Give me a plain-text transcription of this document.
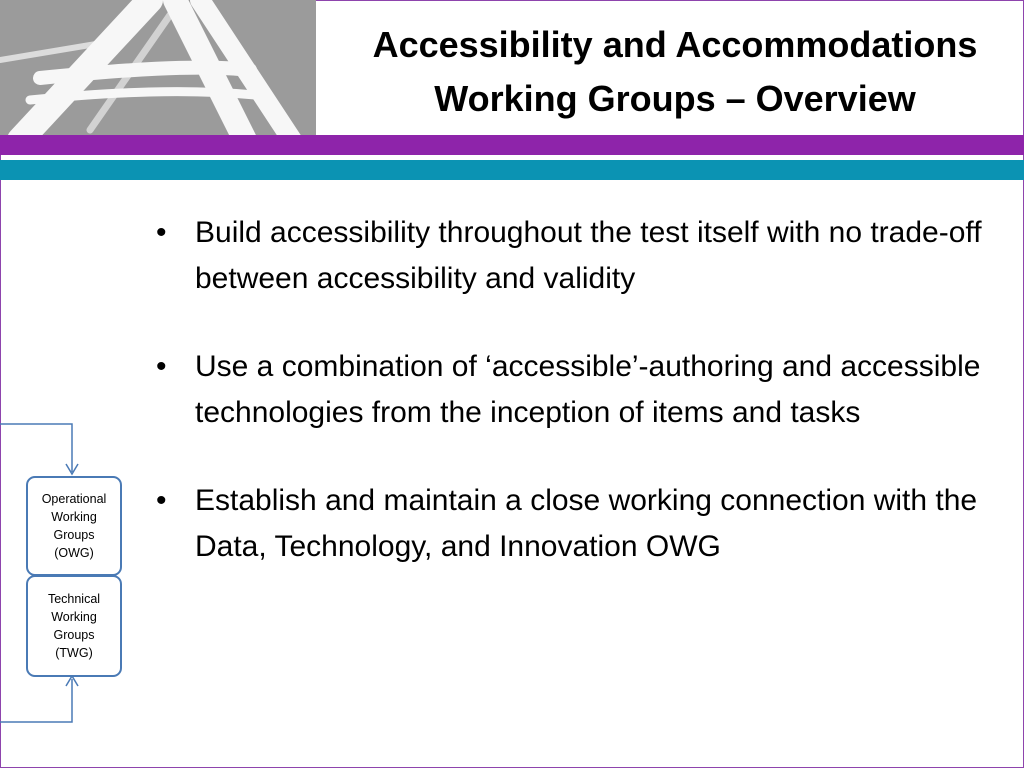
Accessibility and Accommodations
Working Groups – Overview
• Build accessibility throughout the test itself with no trade-off between accessibility and validity
• Use a combination of ‘accessible’-authoring and accessible technologies from the inception of items and tasks
• Establish and maintain a close working connection with the Data, Technology, and Innovation OWG
Operational
Working
Groups
(OWG)
Technical
Working
Groups
(TWG)
